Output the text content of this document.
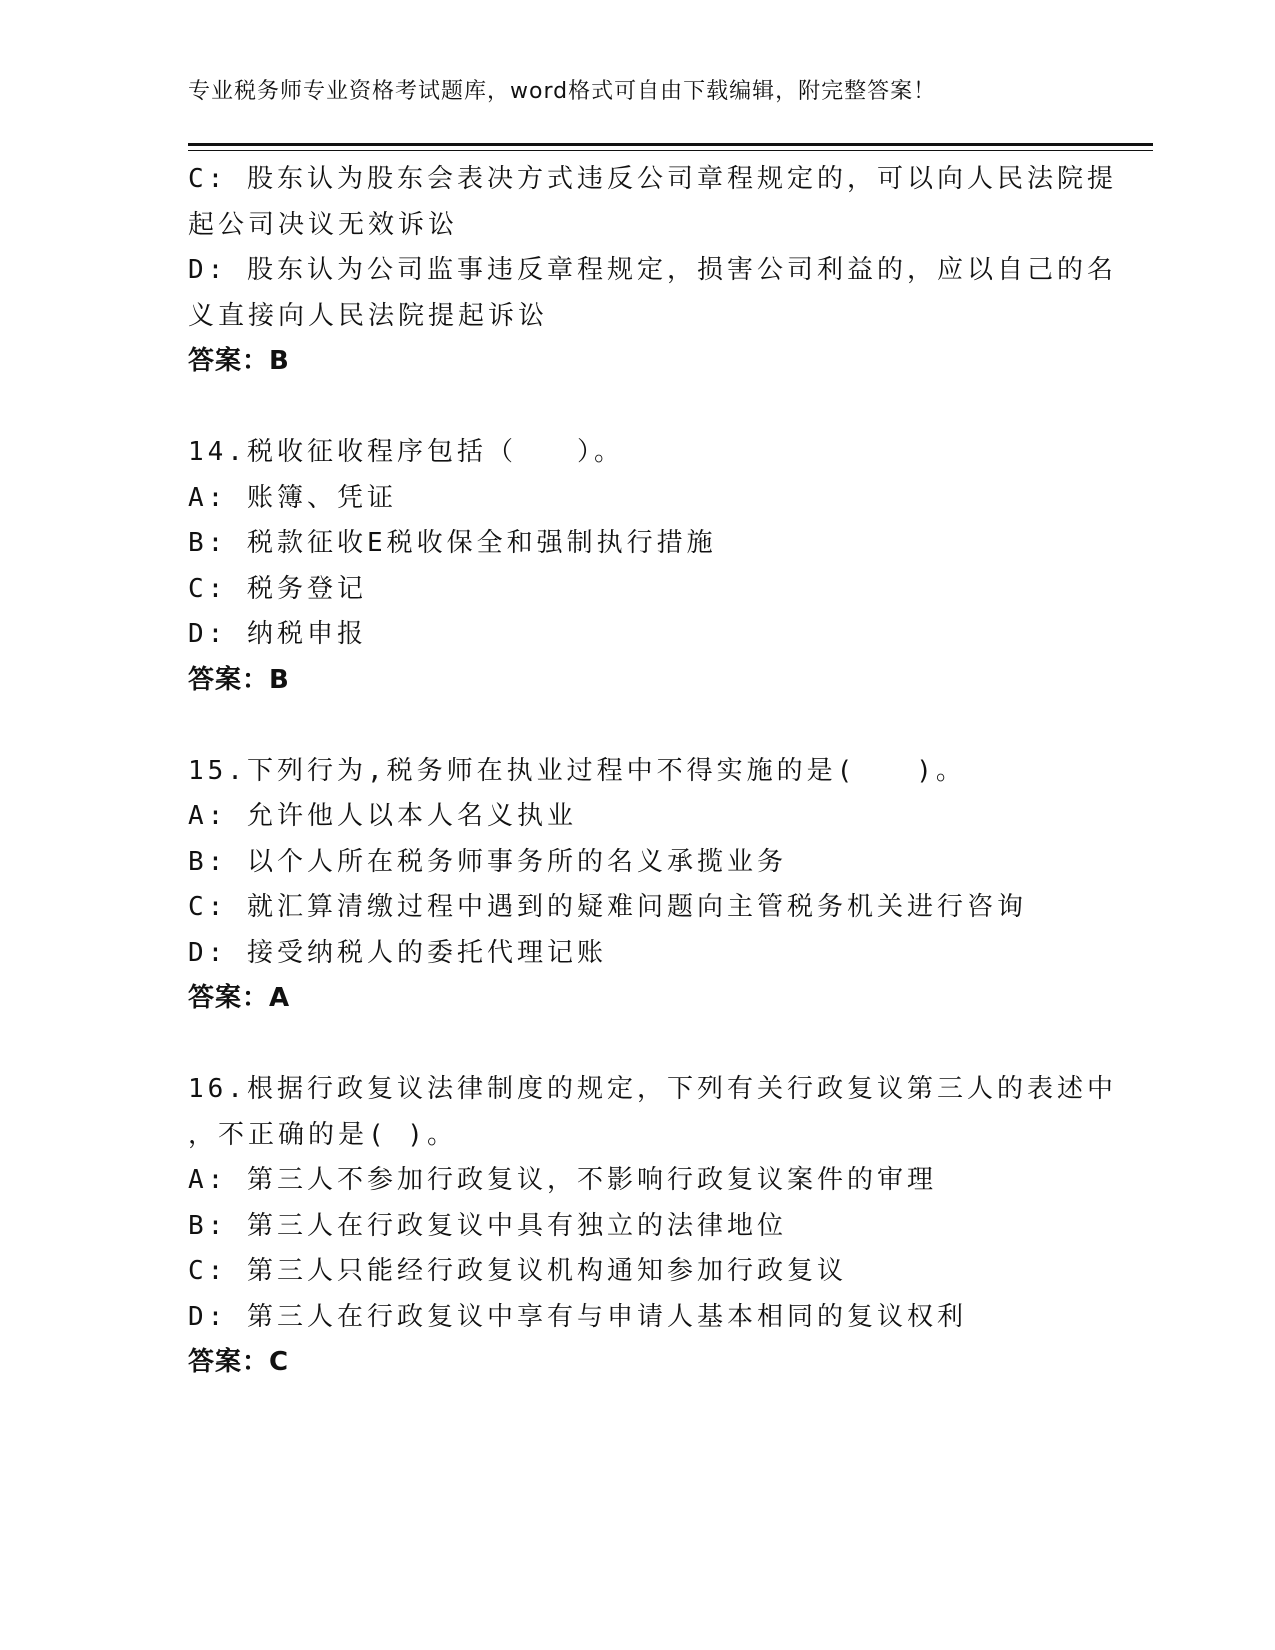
专业税务师专业资格考试题库，word格式可自由下载编辑，附完整答案！
C: 股东认为股东会表决方式违反公司章程规定的，可以向人民法院提
起公司决议无效诉讼
D: 股东认为公司监事违反章程规定，损害公司利益的，应以自己的名
义直接向人民法院提起诉讼
答案：B
14.税收征收程序包括（　　）。
A: 账簿、凭证
B: 税款征收E税收保全和强制执行措施
C: 税务登记
D: 纳税申报
答案：B
15.下列行为,税务师在执业过程中不得实施的是(　　)。
A: 允许他人以本人名义执业
B: 以个人所在税务师事务所的名义承揽业务
C: 就汇算清缴过程中遇到的疑难问题向主管税务机关进行咨询
D: 接受纳税人的委托代理记账
答案：A
16.根据行政复议法律制度的规定，下列有关行政复议第三人的表述中
，不正确的是( )。
A: 第三人不参加行政复议，不影响行政复议案件的审理
B: 第三人在行政复议中具有独立的法律地位
C: 第三人只能经行政复议机构通知参加行政复议
D: 第三人在行政复议中享有与申请人基本相同的复议权利
答案：C
